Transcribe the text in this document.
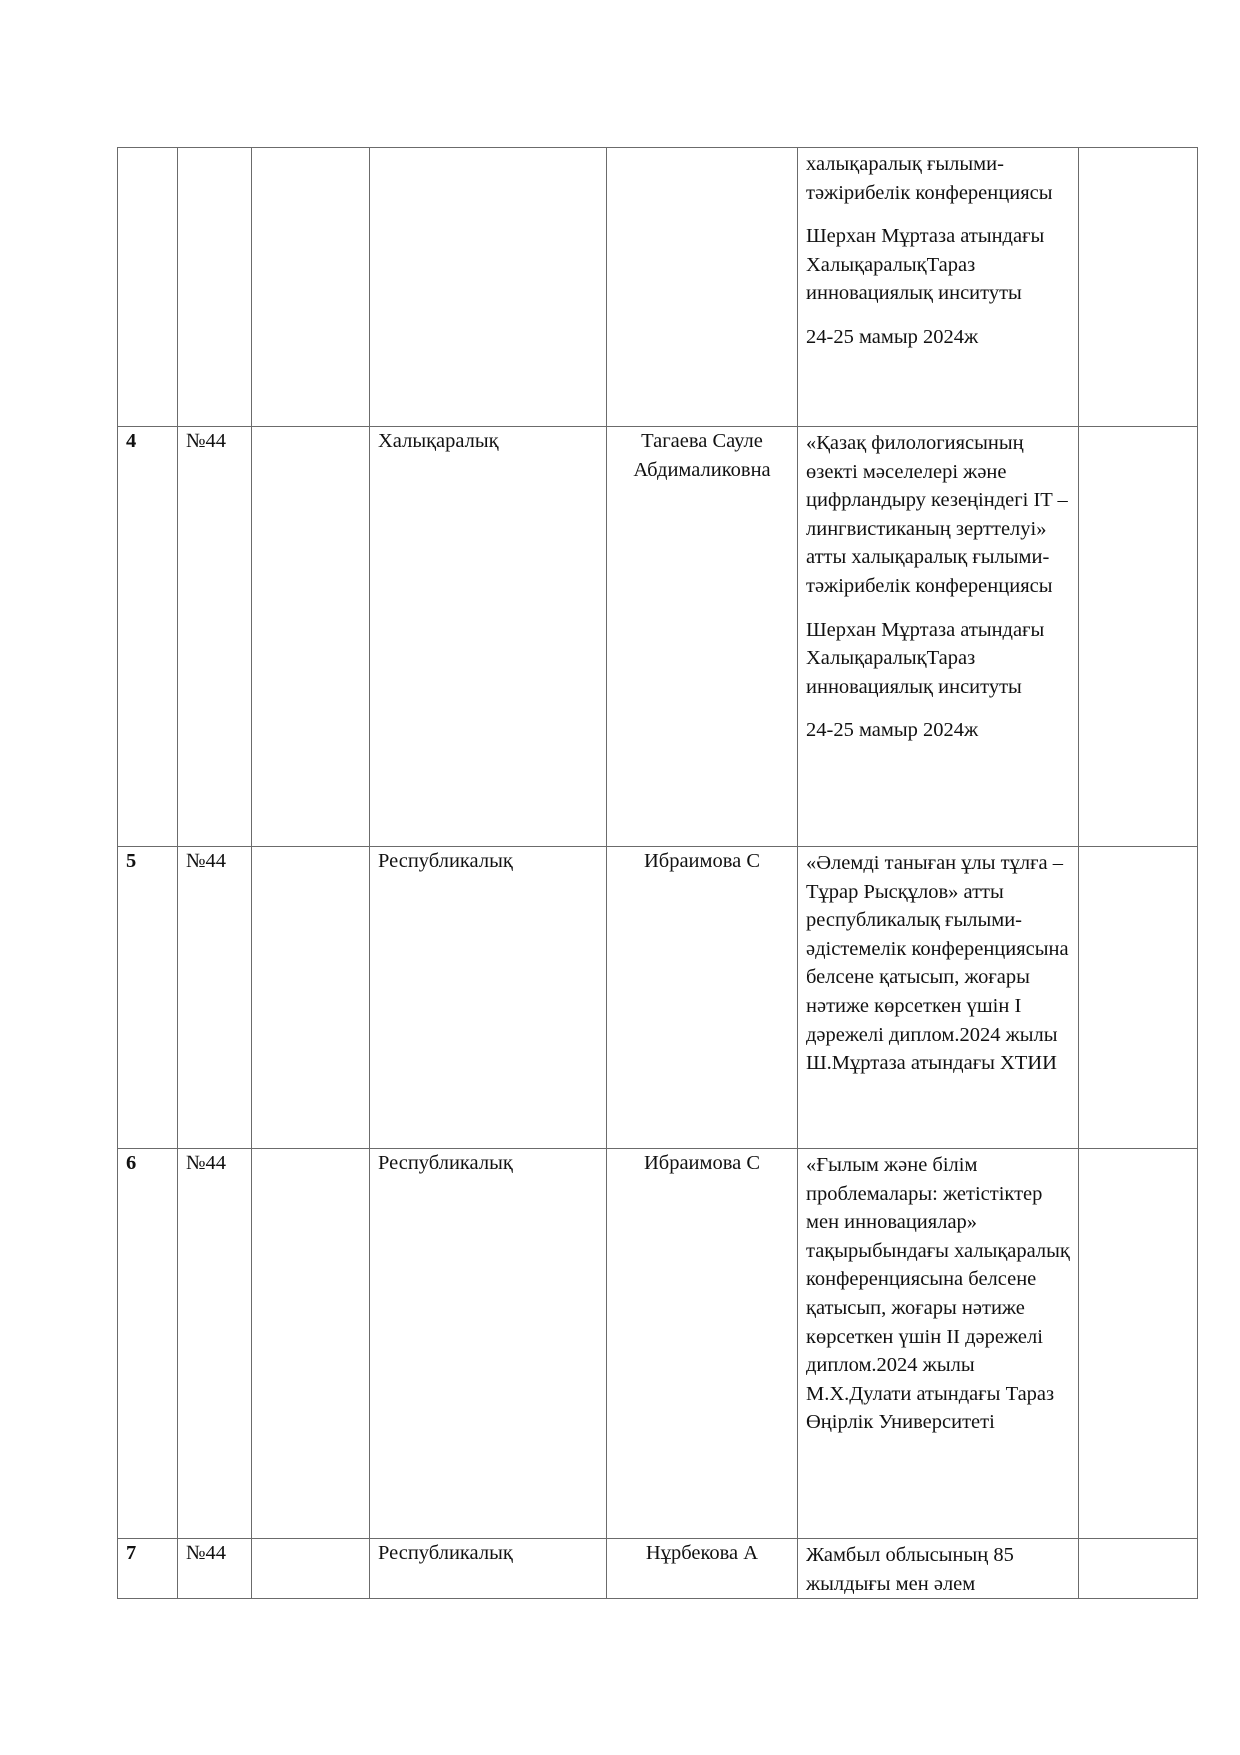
					халықаралық ғылыми-тәжірибелік конференциясы

Шерхан Мұртаза атындағы ХалықаралықТараз инновациялық инситуты

24-25 мамыр 2024ж	

4	№44		Халықаралық	Тагаева Сауле Абдималиковна	«Қазақ филологиясының өзекті мәселелері және цифрландыру кезеңіндегі IT –лингвистиканың зерттелуі» атты халықаралық ғылыми-тәжірибелік конференциясы

Шерхан Мұртаза атындағы ХалықаралықТараз инновациялық инситуты

24-25 мамыр 2024ж	

5	№44		Республикалық	Ибраимова С	«Әлемді таныған ұлы тұлға – Тұрар Рысқұлов» атты республикалық ғылыми-әдістемелік конференциясына белсене қатысып, жоғары нәтиже көрсеткен үшін І дәрежелі диплом.2024 жылы Ш.Мұртаза атындағы ХТИИ	

6	№44		Республикалық	Ибраимова С	«Ғылым және білім проблемалары: жетістіктер мен инновациялар» тақырыбындағы халықаралық конференциясына белсене қатысып, жоғары нәтиже көрсеткен үшін ІІ дәрежелі диплом.2024 жылы М.Х.Дулати атындағы Тараз Өңірлік Университеті	

7	№44		Республикалық	Нұрбекова А	Жамбыл облысының 85 жылдығы мен әлем	
